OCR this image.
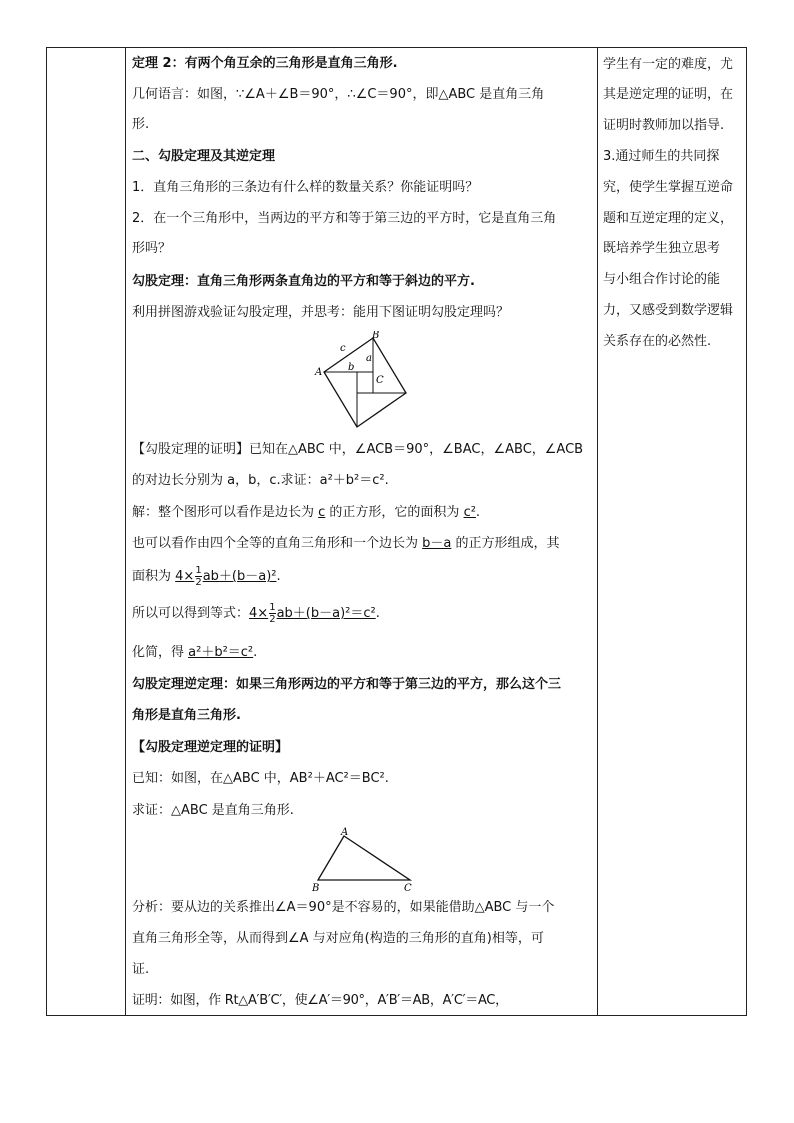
定理 2：有两个角互余的三角形是直角三角形.
几何语言：如图，∵∠A＋∠B＝90°，∴∠C＝90°，即△ABC 是直角三角
形.
二、勾股定理及其逆定理
1．直角三角形的三条边有什么样的数量关系？你能证明吗？
2．在一个三角形中，当两边的平方和等于第三边的平方时，它是直角三角
形吗？
勾股定理：直角三角形两条直角边的平方和等于斜边的平方.
利用拼图游戏验证勾股定理，并思考：能用下图证明勾股定理吗？
A
B
C
a
b
c
【勾股定理的证明】已知在△ABC 中，∠ACB＝90°，∠BAC，∠ABC，∠ACB
的对边长分别为 a，b，c.求证：a²＋b²＝c².
解：整个图形可以看作是边长为 c 的正方形，它的面积为 c².
也可以看作由四个全等的直角三角形和一个边长为 b－a 的正方形组成，其
面积为 $4\times \frac{1}{2} ab+(b-a)^2$.
所以可以得到等式：$4\times \frac{1}{2} ab+(b-a)^2=c^2$.
化简，得 a²＋b²＝c².
勾股定理逆定理：如果三角形两边的平方和等于第三边的平方，那么这个三
角形是直角三角形.
【勾股定理逆定理的证明】
已知：如图，在△ABC 中，AB²＋AC²＝BC².
求证：△ABC 是直角三角形.
A
B	C
分析：要从边的关系推出∠A＝90°是不容易的，如果能借助△ABC 与一个
直角三角形全等，从而得到∠A 与对应角(构造的三角形的直角)相等，可
证.
证明：如图，作 Rt△A′B′C′，使∠A′＝90°，A′B′＝AB，A′C′＝AC，
学生有一定的难度，尤
其是逆定理的证明，在
证明时教师加以指导.
3.通过师生的共同探
究，使学生掌握互逆命
题和互逆定理的定义，
既培养学生独立思考
与小组合作讨论的能
力，又感受到数学逻辑
关系存在的必然性.
